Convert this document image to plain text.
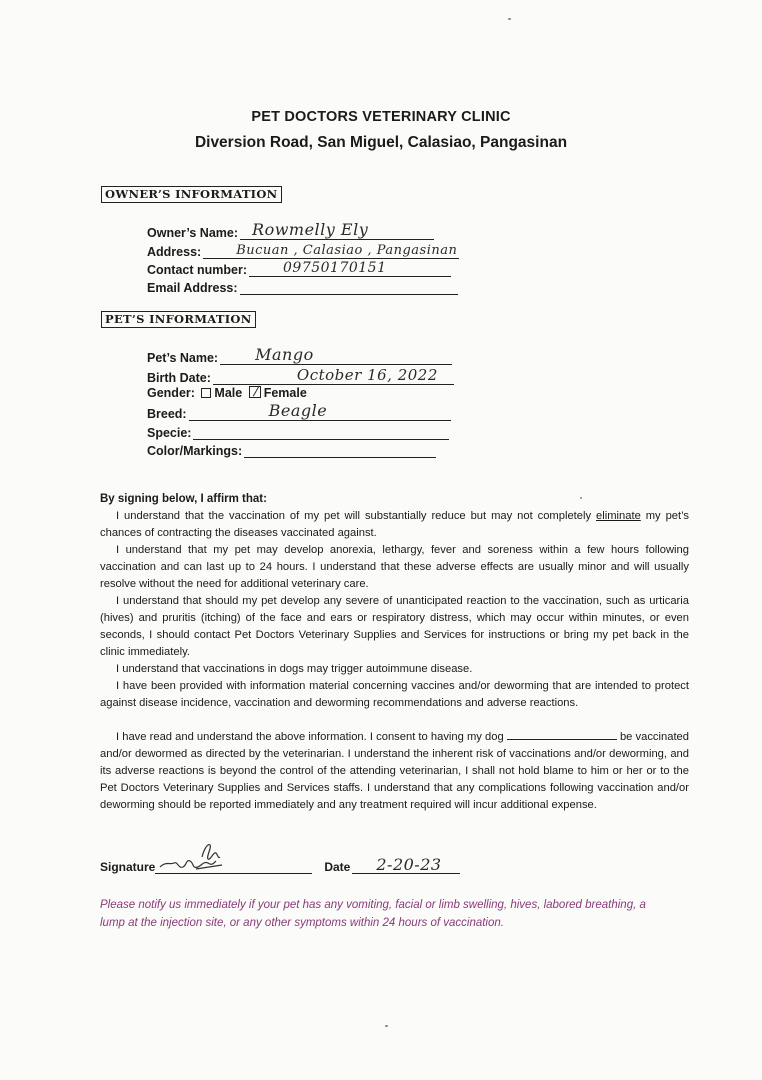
PET DOCTORS VETERINARY CLINIC
Diversion Road, San Miguel, Calasiao, Pangasinan
OWNER’S INFORMATION
Owner’s Name: Rowmelly Ely
Address:	Bucuan , Calasiao , Pangasinan
Contact number:	09750170151
Email Address:
PET’S INFORMATION
Pet’s Name: Mango
Birth Date:	October 16, 2022
Gender: Male Female
Breed:	Beagle
Specie:
Color/Markings:
By signing below, I affirm that:
I understand that the vaccination of my pet will substantially reduce but may not completely eliminate my pet’s chances of contracting the diseases vaccinated against.
I understand that my pet may develop anorexia, lethargy, fever and soreness within a few hours following vaccination and can last up to 24 hours. I understand that these adverse effects are usually minor and will usually resolve without the need for additional veterinary care.
I understand that should my pet develop any severe of unanticipated reaction to the vaccination, such as urticaria (hives) and pruritis (itching) of the face and ears or respiratory distress, which may occur within minutes, or even seconds, I should contact Pet Doctors Veterinary Supplies and Services for instructions or bring my pet back in the clinic immediately.
I understand that vaccinations in dogs may trigger autoimmune disease.
I have been provided with information material concerning vaccines and/or deworming that are intended to protect against disease incidence, vaccination and deworming recommendations and adverse reactions.
I have read and understand the above information. I consent to having my dog	be vaccinated and/or dewormed as directed by the veterinarian. I understand the inherent risk of vaccinations and/or deworming, and its adverse reactions is beyond the control of the attending veterinarian, I shall not hold blame to him or her or to the Pet Doctors Veterinary Supplies and Services staffs. I understand that any complications following vaccination and/or deworming should be reported immediately and any treatment required will incur additional expense.
Signature	Date 2-20-23
Please notify us immediately if your pet has any vomiting, facial or limb swelling, hives, labored breathing, a lump at the injection site, or any other symptoms within 24 hours of vaccination.
